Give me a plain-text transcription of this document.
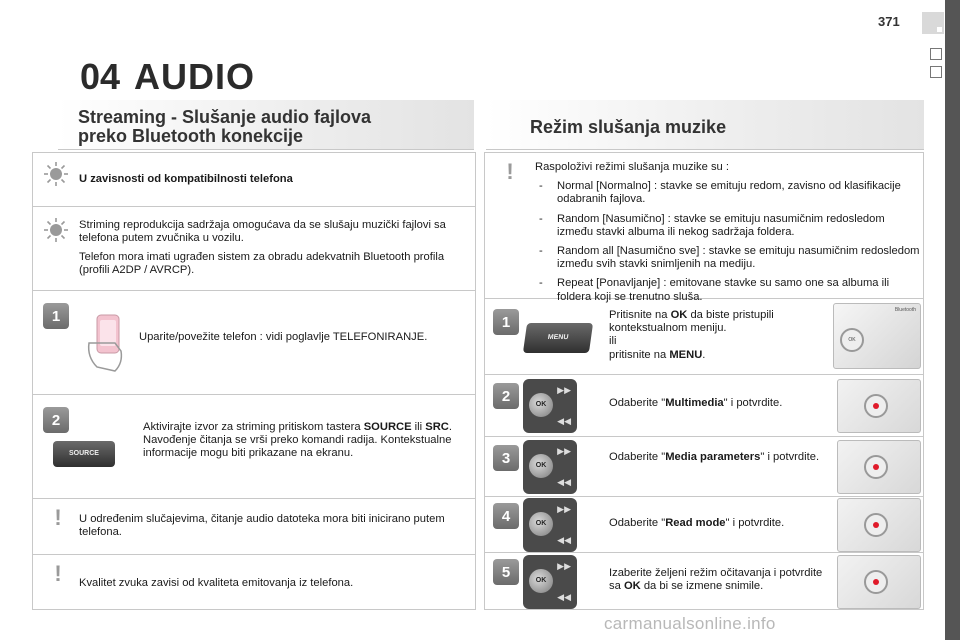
371
04 AUDIO
Streaming - Slušanje audio fajlova
preko Bluetooth konekcije
U zavisnosti od kompatibilnosti telefona
Striming reprodukcija sadržaja omogućava da se slušaju muzički fajlovi sa telefona putem zvučnika u vozilu.
Telefon mora imati ugrađen sistem za obradu adekvatnih Bluetooth profila (profili A2DP / AVRCP).
1
Uparite/povežite telefon : vidi poglavlje TELEFONIRANJE.
2
SOURCE
Aktivirajte izvor za striming pritiskom tastera SOURCE ili SRC. Navođenje čitanja se vrši preko komandi radija. Kontekstualne informacije mogu biti prikazane na ekranu.
!	U određenim slučajevima, čitanje audio datoteka mora biti inicirano putem telefona.
!	Kvalitet zvuka zavisi od kvaliteta emitovanja iz telefona.
Režim slušanja muzike
!	Raspoloživi režimi slušanja muzike su :
- Normal [Normalno] : stavke se emituju redom, zavisno od klasifikacije odabranih fajlova.
- Random [Nasumično] : stavke se emituju nasumičnim redosledom između stavki albuma ili nekog sadržaja foldera.
- Random all [Nasumično sve] : stavke se emituju nasumičnim redosledom između svih stavki snimljenih na mediju.
- Repeat [Ponavljanje] : emitovane stavke su samo one sa albuma ili foldera koji se trenutno sluša.
1
MENU
Pritisnite na OK da biste pristupili kontekstualnom meniju.
ili
pritisnite na MENU.
Bluetooth
OK
2	OK
▶▶
◀◀
Odaberite "Multimedia" i potvrdite.
3	OK
▶▶
◀◀
Odaberite "Media parameters" i potvrdite.
4	OK
▶▶
◀◀
Odaberite "Read mode" i potvrdite.
5	OK
▶▶
◀◀
Izaberite željeni režim očitavanja i potvrdite sa OK da bi se izmene snimile.
carmanualsonline.info
